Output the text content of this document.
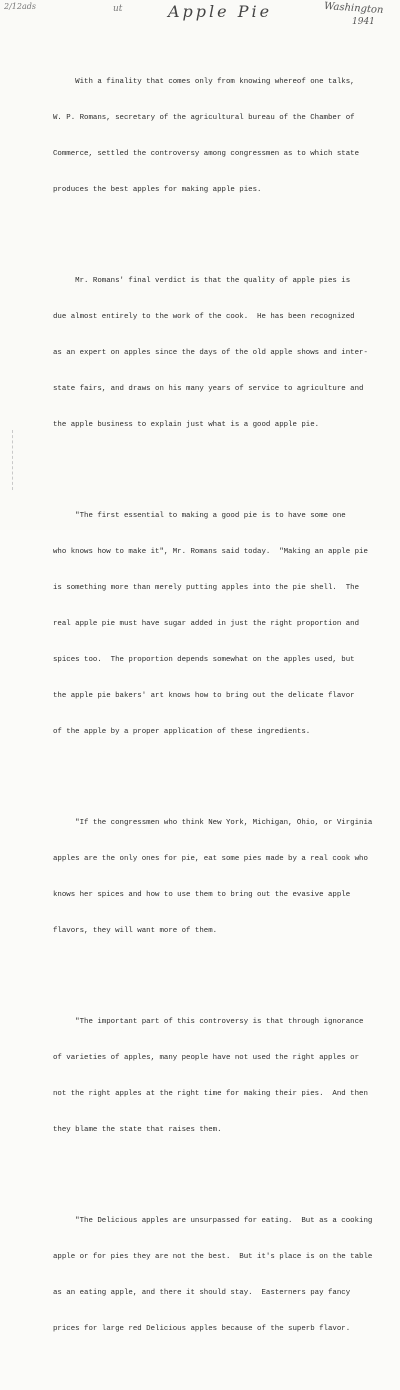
2/12ads	ut	Apple Pie	Washington
1941

With a finality that comes only from knowing whereof one talks,

W. P. Romans, secretary of the agricultural bureau of the Chamber of

Commerce, settled the controversy among congressmen as to which state

produces the best apples for making apple pies.

Mr. Romans' final verdict is that the quality of apple pies is

due almost entirely to the work of the cook.  He has been recognized

as an expert on apples since the days of the old apple shows and inter-

state fairs, and draws on his many years of service to agriculture and

the apple business to explain just what is a good apple pie.

"The first essential to making a good pie is to have some one

who knows how to make it", Mr. Romans said today.  "Making an apple pie

is something more than merely putting apples into the pie shell.  The

real apple pie must have sugar added in just the right proportion and

spices too.  The proportion depends somewhat on the apples used, but

the apple pie bakers' art knows how to bring out the delicate flavor

of the apple by a proper application of these ingredients.

"If the congressmen who think New York, Michigan, Ohio, or Virginia

apples are the only ones for pie, eat some pies made by a real cook who

knows her spices and how to use them to bring out the evasive apple

flavors, they will want more of them.

"The important part of this controversy is that through ignorance

of varieties of apples, many people have not used the right apples or

not the right apples at the right time for making their pies.  And then

they blame the state that raises them.

"The Delicious apples are unsurpassed for eating.  But as a cooking

apple or for pies they are not the best.  But it's place is on the table

as an eating apple, and there it should stay.  Easterners pay fancy

prices for large red Delicious apples because of the superb flavor.
